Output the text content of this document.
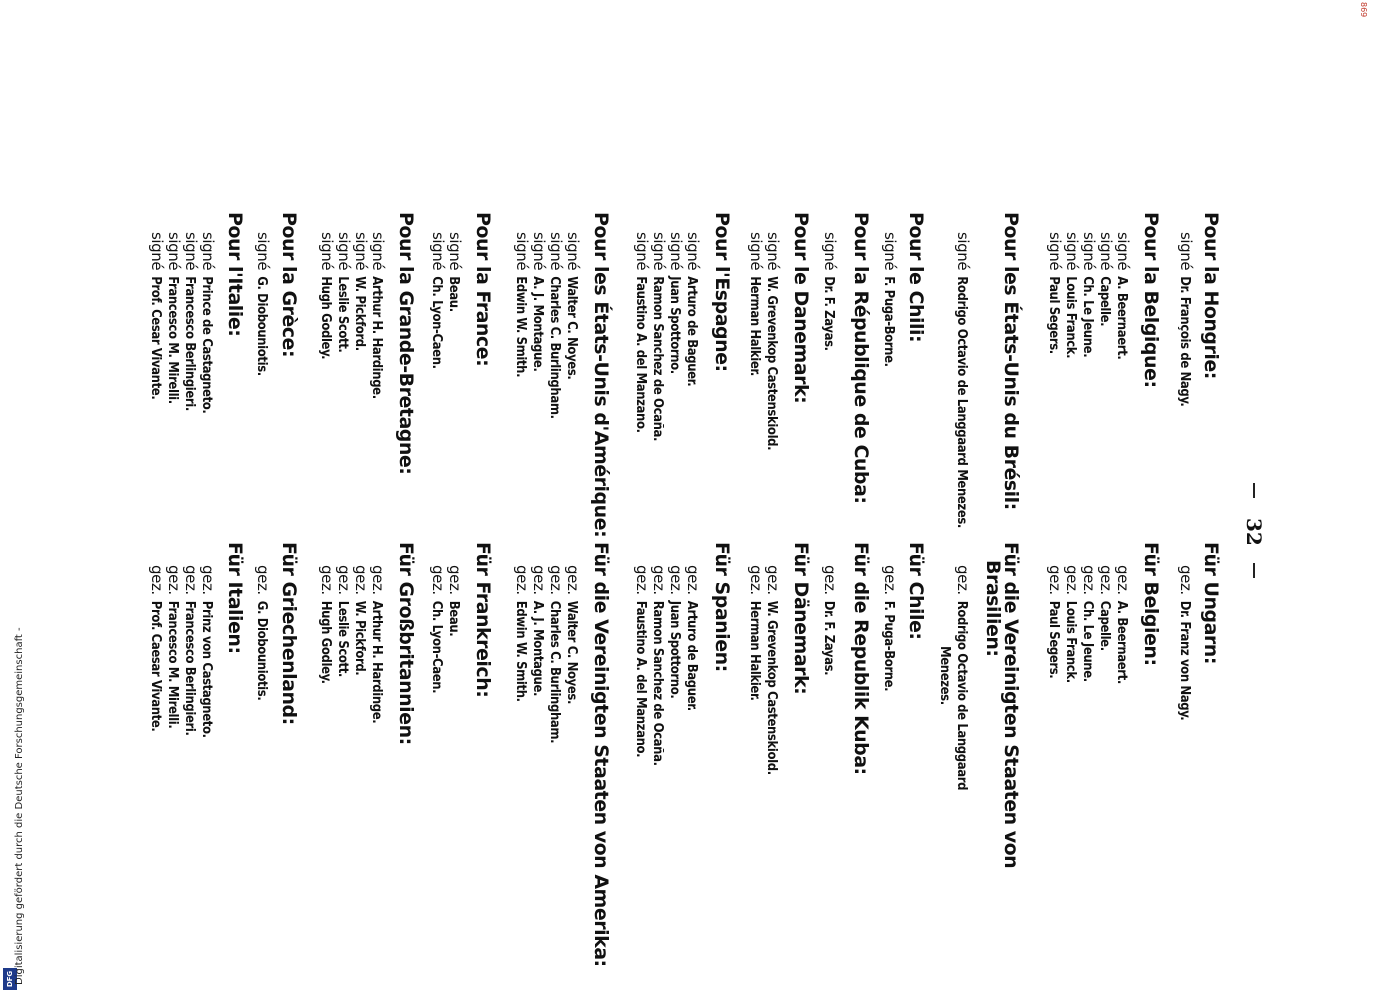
DFG Digitalisierung gefördert durch die Deutsche Forschungsgemeinschaft -
869
32
Pour la Hongrie:
signéDr. François de Nagy.
Pour la Belgique:
signéA. Beernaert.
signéCapelle.
signéCh. Le Jeune.
signéLouis Franck.
signéPaul Segers.
Pour les États-Unis du Brésil:
signéRodrigo Octavio de Langgaard Menezes.
Pour le Chili:
signéF. Puga-Borne.
Pour la République de Cuba:
signéDr. F. Zayas.
Pour le Danemark:
signéW. Grevenkop Castenskiold.
signéHerman Halkier.
Pour l'Espagne:
signéArturo de Baguer.
signéJuan Spottorno.
signéRamon Sanchez de Ocaña.
signéFaustino A. del Manzano.
Pour les États-Unis d'Amérique:
signéWalter C. Noyes.
signéCharles C. Burlingham.
signéA. J. Montague.
signéEdwin W. Smith.
Pour la France:
signéBeau.
signéCh. Lyon-Caen.
Pour la Grande-Bretagne:
signéArthur H. Hardinge.
signéW. Pickford.
signéLeslie Scott.
signéHugh Godley.
Pour la Grèce:
signéG. Diobouniotis.
Pour l'Italie:
signéPrince de Castagneto.
signéFrancesco Berlingieri.
signéFrancesco M. Mirelli.
signéProf. Cesar Vivante.
Für Ungarn:
gez.Dr. Franz von Nagy.
Für Belgien:
gez.A. Beernaert.
gez.Capelle.
gez.Ch. Le Jeune.
gez.Louis Franck.
gez.Paul Segers.
Für die Vereinigten Staaten von
Brasilien:
gez.Rodrigo Octavio de Langgaard
Menezes.
Für Chile:
gez.F. Puga-Borne.
Für die Republik Kuba:
gez.Dr. F. Zayas.
Für Dänemark:
gez.W. Grevenkop Castenskiold.
gez.Herman Halkier.
Für Spanien:
gez.Arturo de Baguer.
gez.Juan Spottorno.
gez.Ramon Sanchez de Ocaña.
gez.Faustino A. del Manzano.
Für die Vereinigten Staaten von Amerika:
gez.Walter C. Noyes.
gez.Charles C. Burlingham.
gez.A. J. Montague.
gez.Edwin W. Smith.
Für Frankreich:
gez.Beau.
gez.Ch. Lyon-Caen.
Für Großbritannien:
gez.Arthur H. Hardinge.
gez.W. Pickford.
gez.Leslie Scott.
gez.Hugh Godley.
Für Griechenland:
gez.G. Diobouniotis.
Für Italien:
gez.Prinz von Castagneto.
gez.Francesco Berlingieri.
gez.Francesco M. Mirelli.
gez.Prof. Caesar Vivante.
